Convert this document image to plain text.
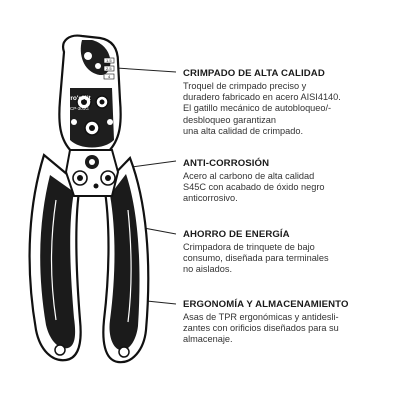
Pro'sKit
CP-301G
1.5
2.5
4	CRIMPADO DE ALTA CALIDAD

Troquel de crimpado preciso y
duradero fabricado en acero AISI4140.
El gatillo mecánico de autobloqueo/-
desbloqueo garantizan
una alta calidad de crimpado.

ANTI-CORROSIÓN

Acero al carbono de alta calidad
S45C con acabado de óxido negro
anticorrosivo.

AHORRO DE ENERGÍA

Crimpadora de trinquete de bajo
consumo, diseñada para terminales
no aislados.

ERGONOMÍA Y ALMACENAMIENTO

Asas de TPR ergonómicas y antidesli-
zantes con orificios diseñados para su
almacenaje.
